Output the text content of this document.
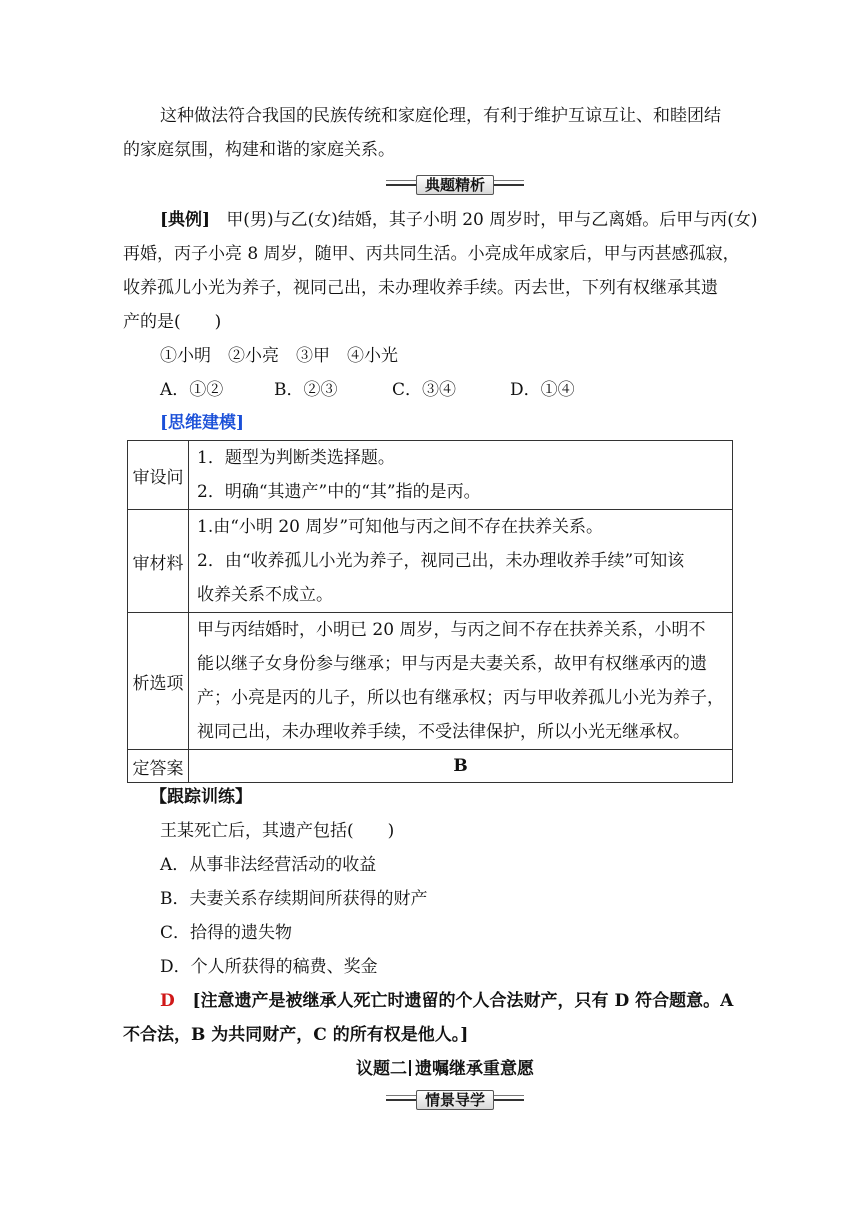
这种做法符合我国的民族传统和家庭伦理，有利于维护互谅互让、和睦团结
的家庭氛围，构建和谐的家庭关系。
典题精析
[典例] 甲(男)与乙(女)结婚，其子小明 20 周岁时，甲与乙离婚。后甲与丙(女)
再婚，丙子小亮 8 周岁，随甲、丙共同生活。小亮成年成家后，甲与丙甚感孤寂，
收养孤儿小光为养子，视同己出，未办理收养手续。丙去世，下列有权继承其遗
产的是(　　)
①小明　②小亮　③甲　④小光
A．①②	B．②③	C．③④	D．①④
[思维建模]
审设问	1．题型为判断类选择题。
2．明确“其遗产”中的“其”指的是丙。

审材料	1.由“小明 20 周岁”可知他与丙之间不存在扶养关系。
2．由“收养孤儿小光为养子，视同己出，未办理收养手续”可知该
收养关系不成立。

析选项	甲与丙结婚时，小明已 20 周岁，与丙之间不存在扶养关系，小明不
能以继子女身份参与继承；甲与丙是夫妻关系，故甲有权继承丙的遗
产；小亮是丙的儿子，所以也有继承权；丙与甲收养孤儿小光为养子，
视同己出，未办理收养手续，不受法律保护，所以小光无继承权。

定答案	B
【跟踪训练】
王某死亡后，其遗产包括(　　)
A．从事非法经营活动的收益
B．夫妻关系存续期间所获得的财产
C．拾得的遗失物
D．个人所获得的稿费、奖金
D [注意遗产是被继承人死亡时遗留的个人合法财产，只有 D 符合题意。A
不合法，B 为共同财产，C 的所有权是他人。]
议题二 遗嘱继承重意愿
情景导学
